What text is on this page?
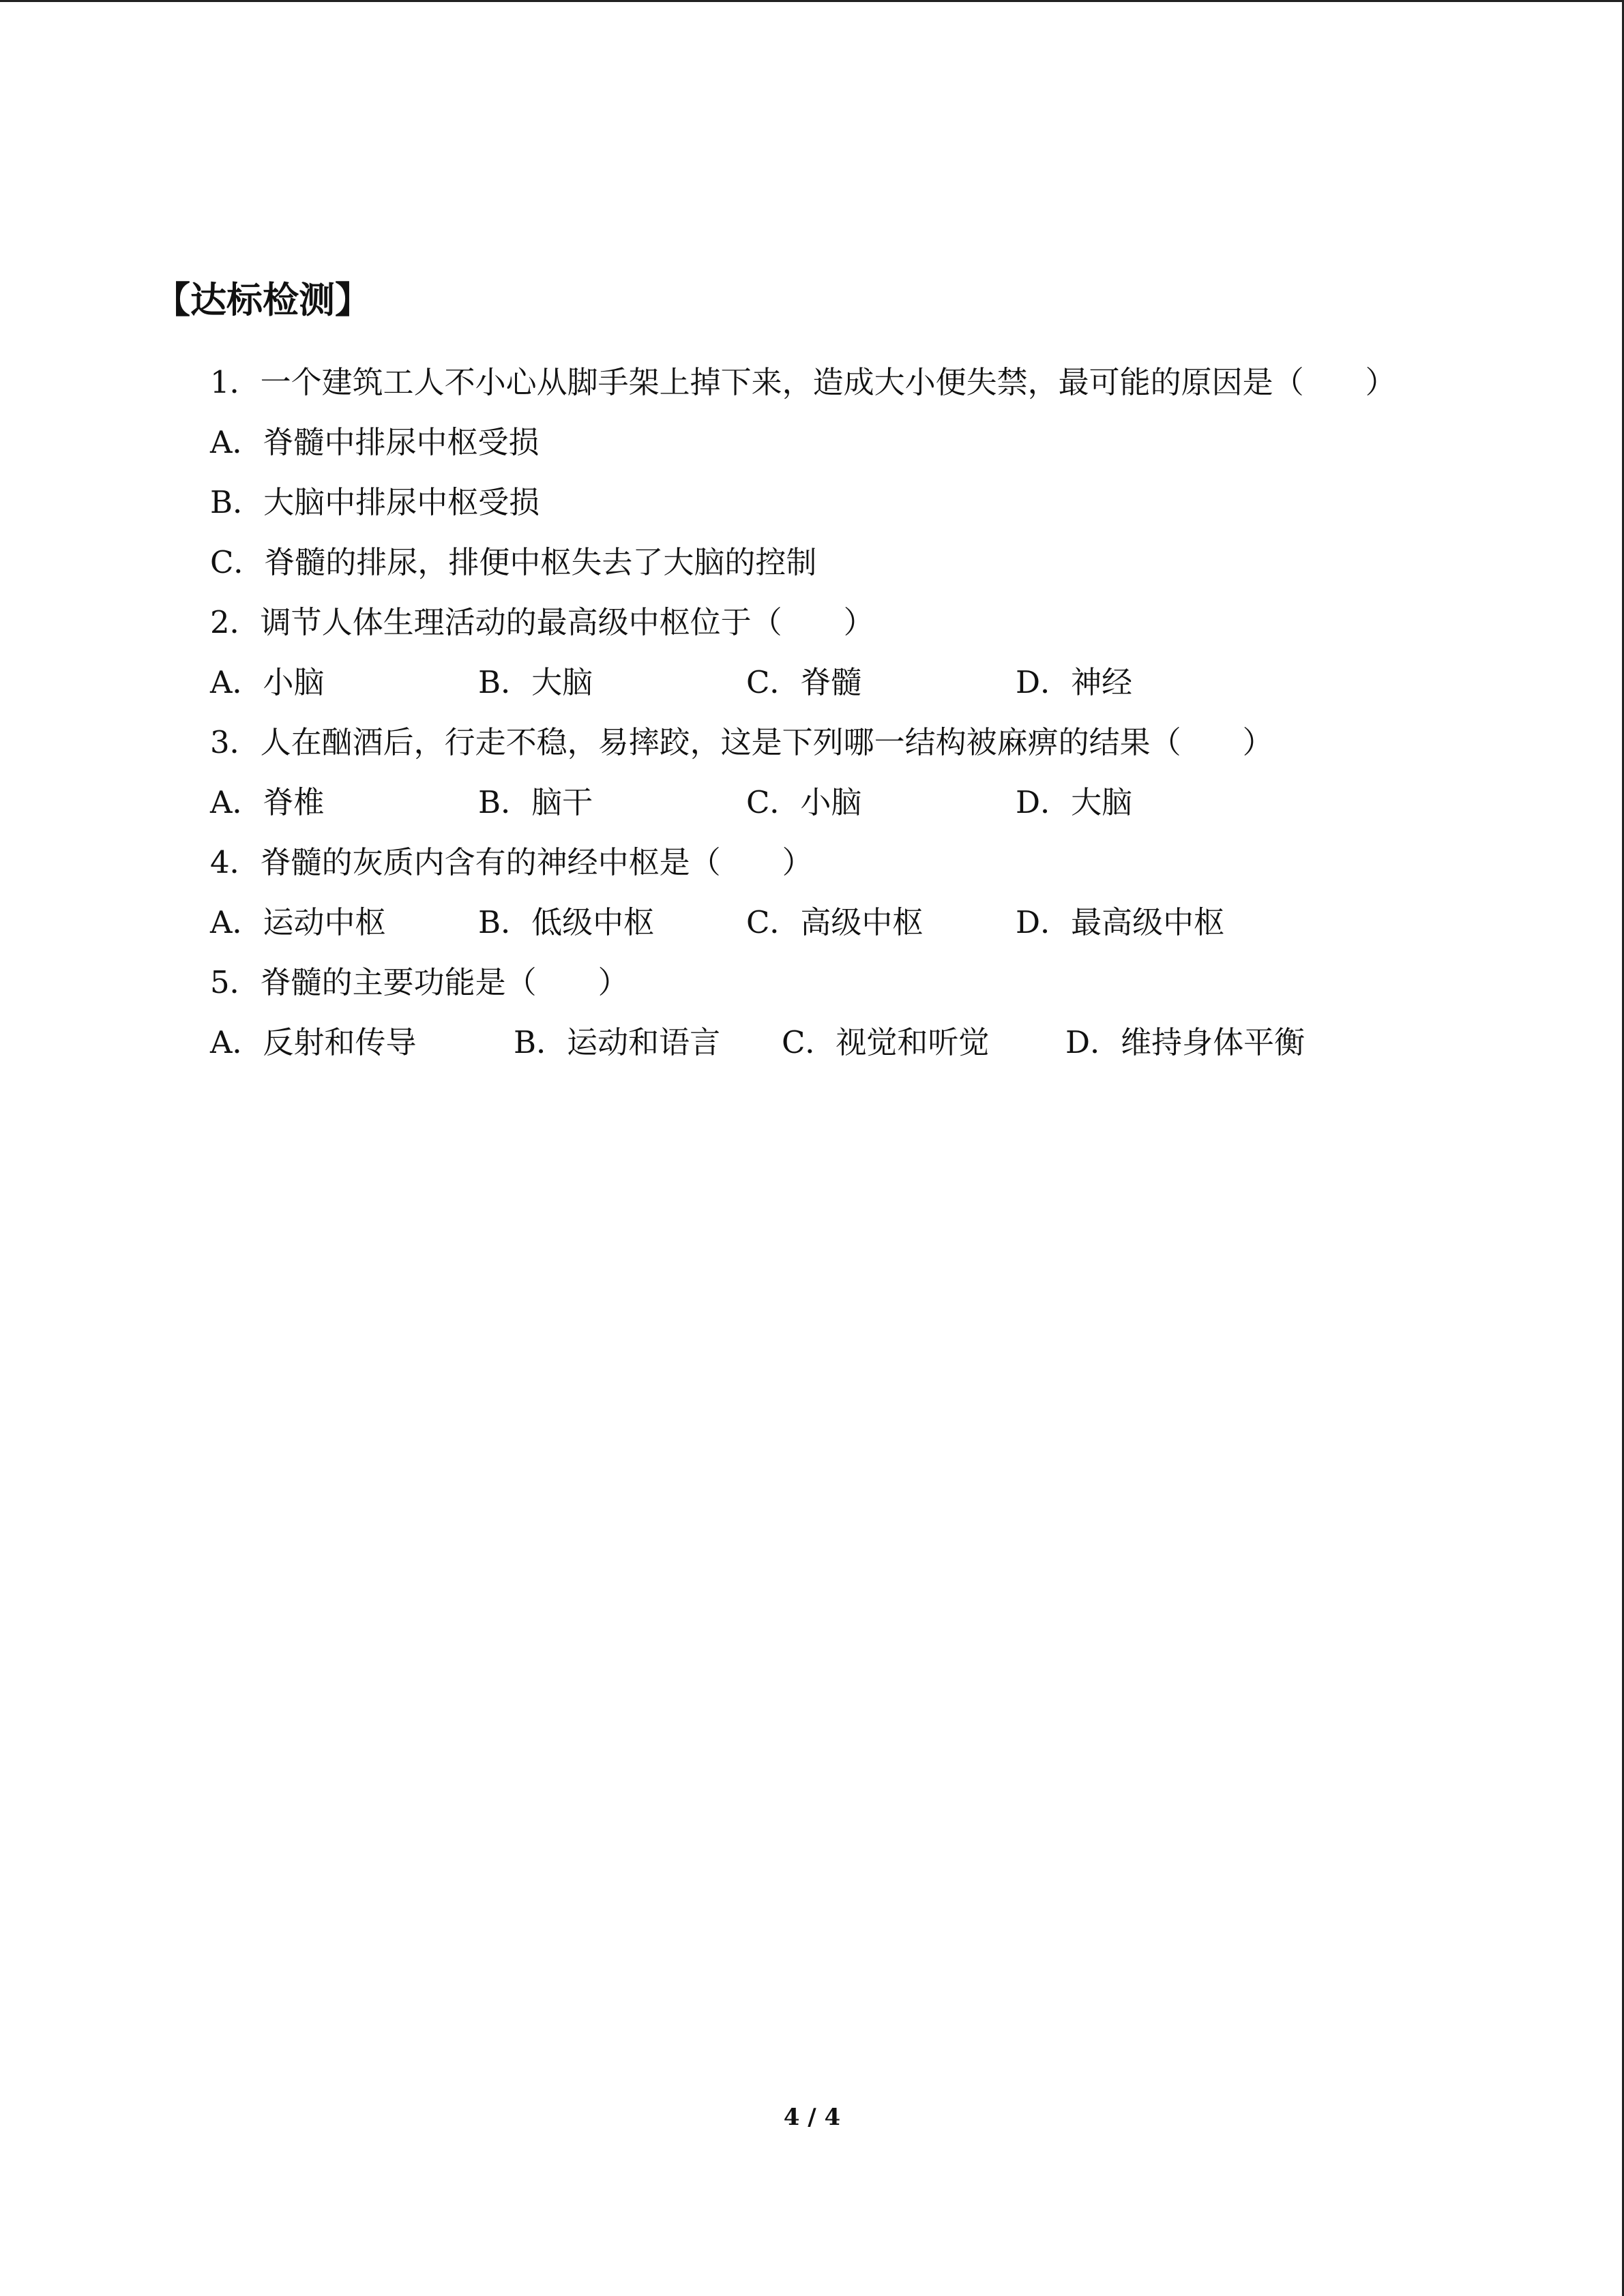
【达标检测】
1．一个建筑工人不小心从脚手架上掉下来，造成大小便失禁，最可能的原因是（　　）
A．脊髓中排尿中枢受损
B．大脑中排尿中枢受损
C．脊髓的排尿，排便中枢失去了大脑的控制
2．调节人体生理活动的最高级中枢位于（　　）
A．小脑	B．大脑	C．脊髓	D．神经
3．人在酗酒后，行走不稳，易摔跤，这是下列哪一结构被麻痹的结果（　　）
A．脊椎	B．脑干	C．小脑	D．大脑
4．脊髓的灰质内含有的神经中枢是（　　）
A．运动中枢	B．低级中枢	C．高级中枢	D．最高级中枢
5．脊髓的主要功能是（　　）
A．反射和传导	B．运动和语言 C．视觉和听觉 D．维持身体平衡
4 / 4
